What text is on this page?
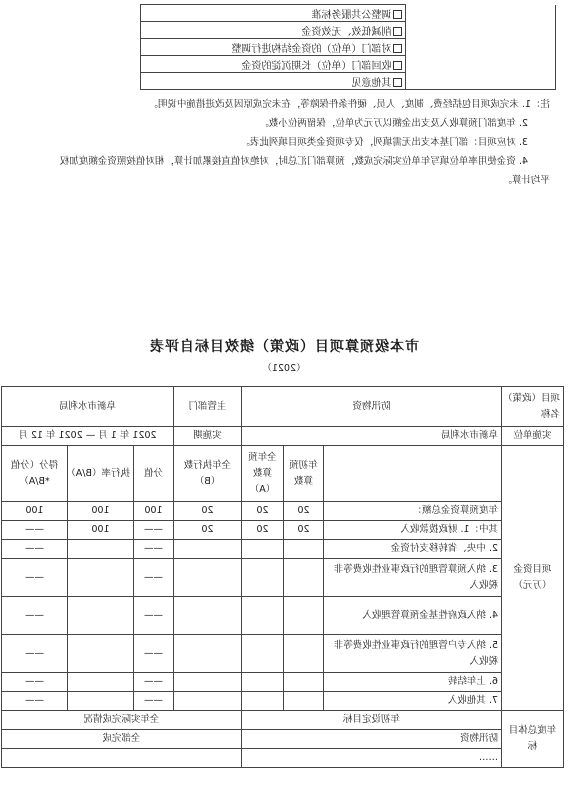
		调整公共服务标准	
		削减低效、无效资金	
		对部门（单位）的资金结构进行调整	
		收回部门（单位）长期沉淀的资金	
		其他意见	

注：1. 未完成项目包括经费、制度、人员、硬件条件保障等，在未完成原因及改进措施中说明。

2. 年度部门预算收入及支出金额以万元为单位，保留两位小数。

3. 对应项目：部门基本支出无需填列，仅专项资金类项目填列此表。

4. 资金使用率单位填写年单位实际完成数，预算部门汇总时，对绝对值直接累加计算，相对值按照资金额度加权

平均计算。

市本级预算项目（政策）绩效目标自评表
（2021）
项目（政策）名称	防汛物资			主管部门	阜新市水利局		
实施单位	阜新市水利局			实施期	2021 年 1 月 — 2021 年 12 月		
项目资金（万元）		年初预算数	全年预算数（A）	全年执行数（B）	分值	执行率（B/A）	得分（分值*B/A）
	年度预算资金总额：	20	20	20	100	100	100
	其中：1. 财政拨款收入	20	20	20	——	100	——
	2. 中央、省转移支付资金				——		——
	3. 纳入预算管理的行政事业性收费等非税收入				——		——
	4. 纳入政府性基金预算管理收入				——		——
	5. 纳入专户管理的行政事业性收费等非税收入				——		——
	6. 上年结转				——		——
	7. 其他收入				——		——
年度总体目标	年初设定目标			全年实际完成情况			
	防汛物资			全部完成			
	……						
